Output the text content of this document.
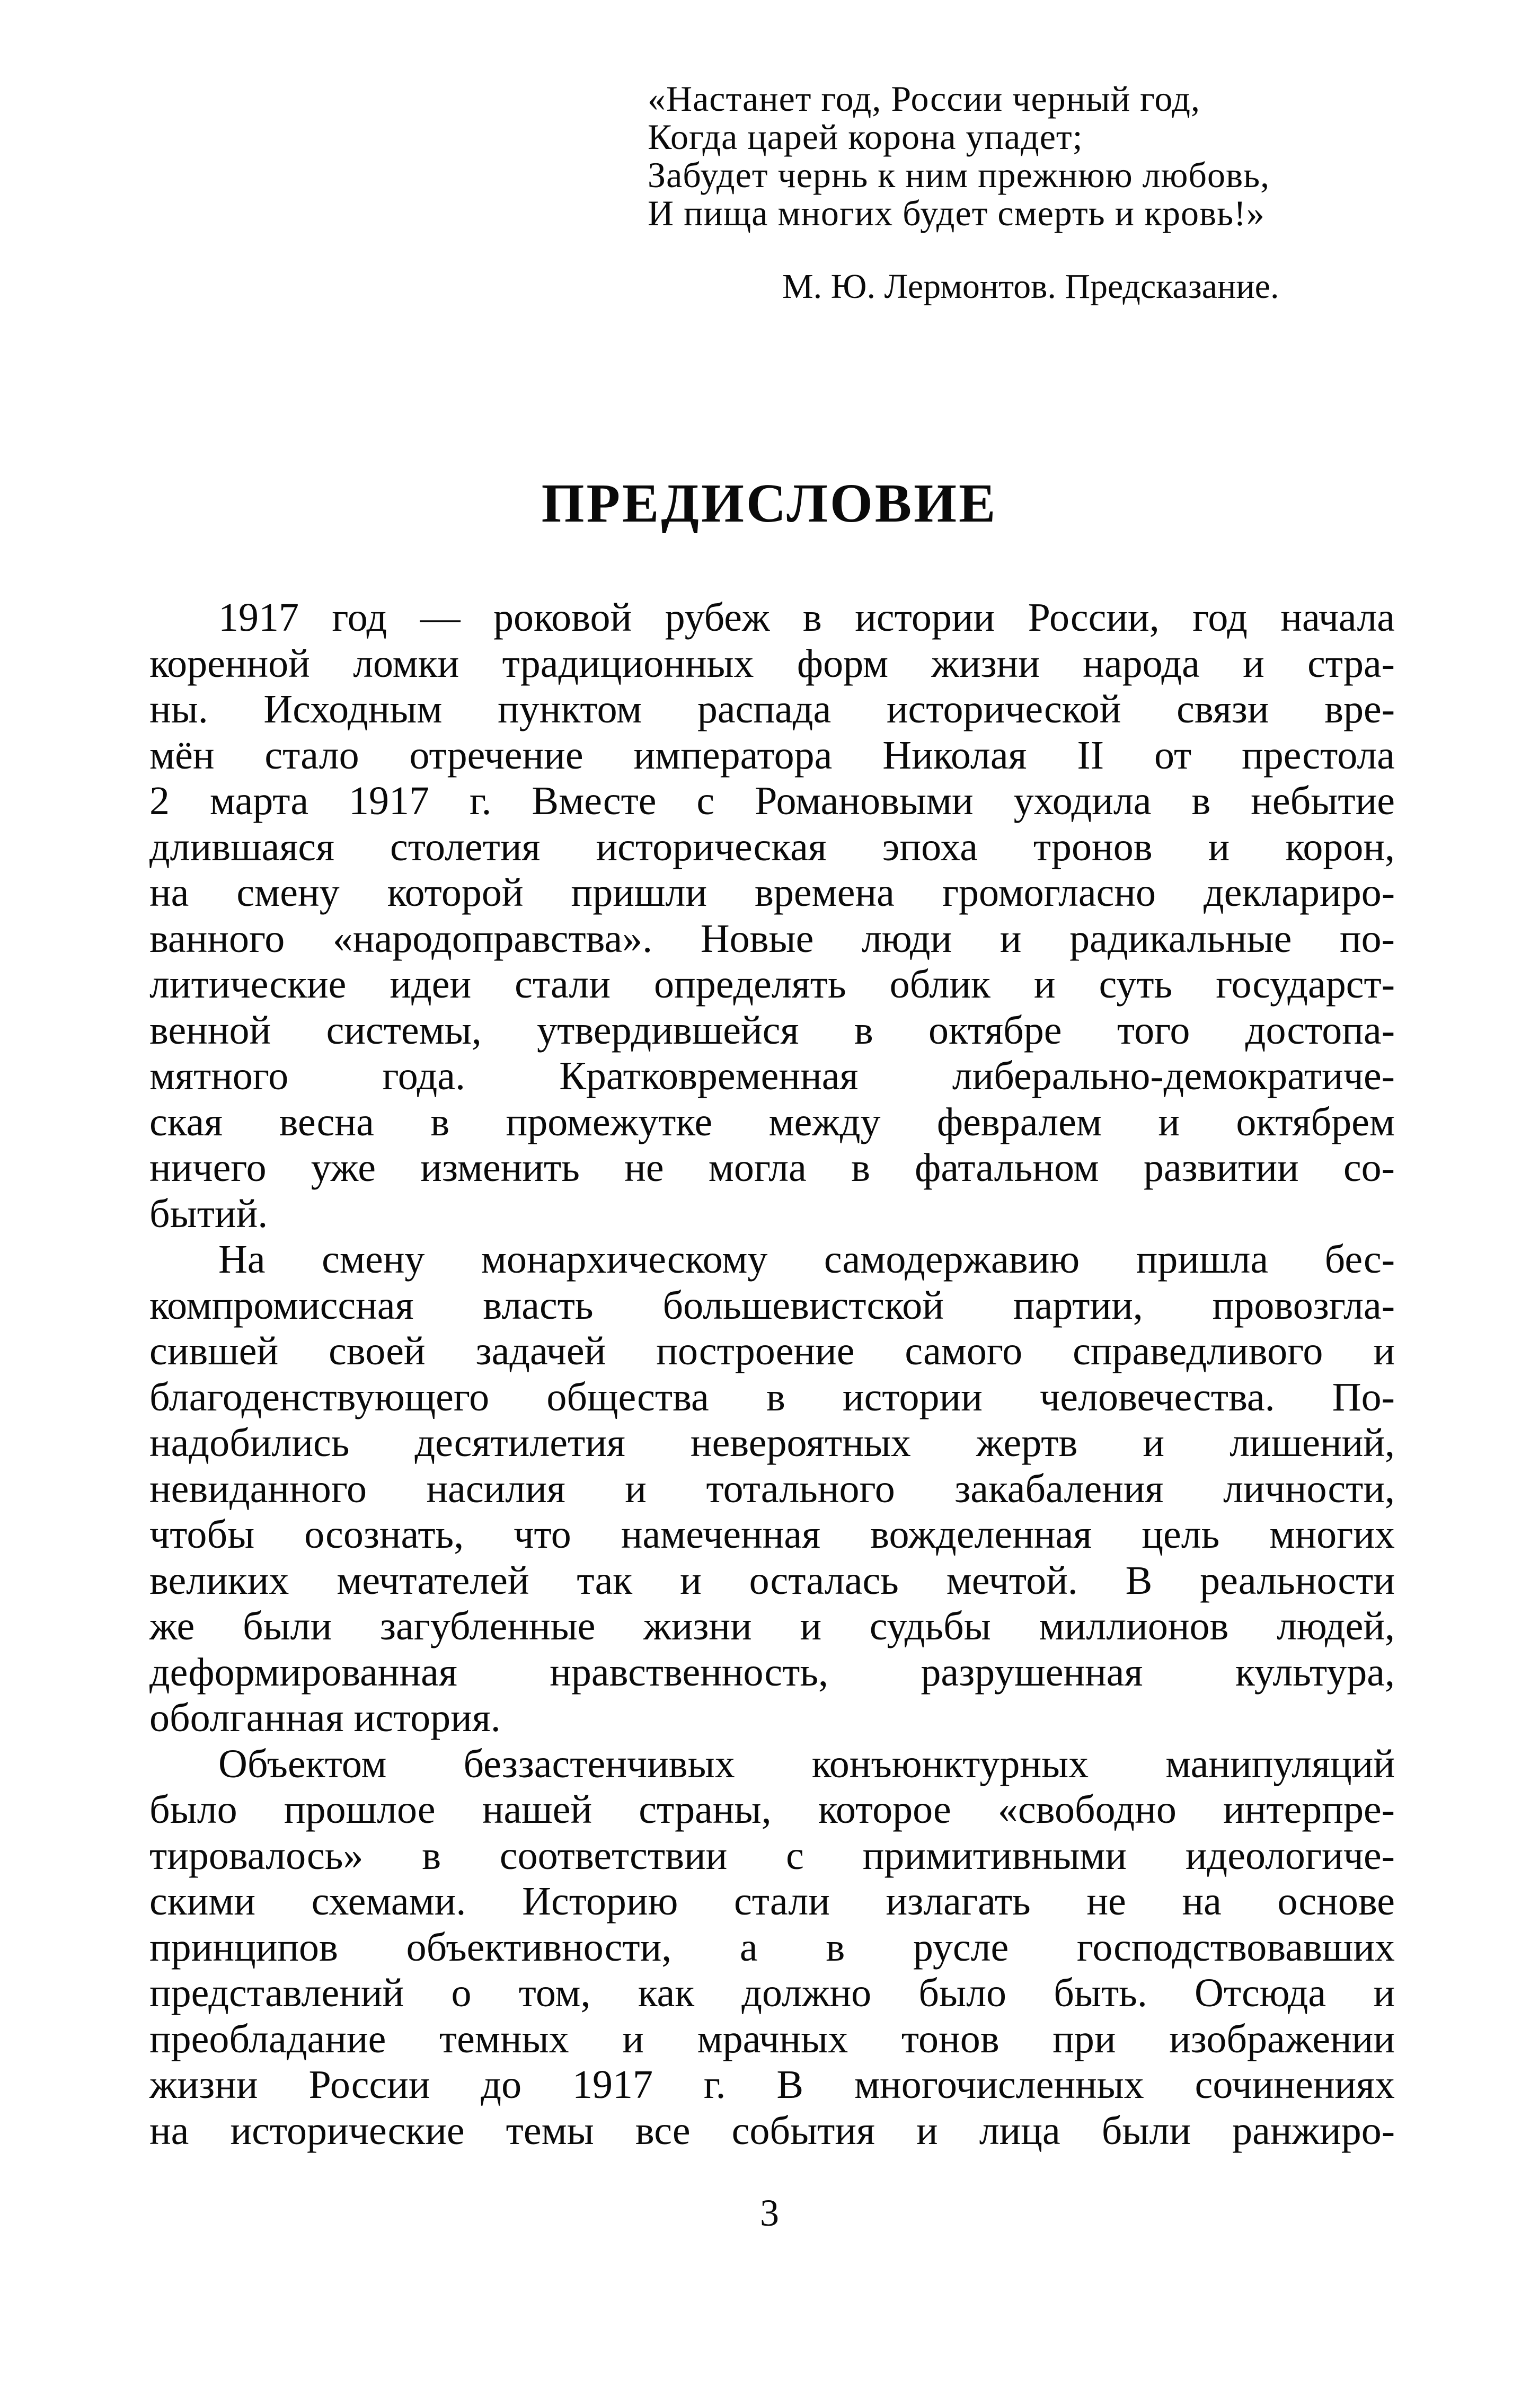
«Настанет год, России черный год,
Когда царей корона упадет;
Забудет чернь к ним прежнюю любовь,
И пища многих будет смерть и кровь!»
М. Ю. Лермонтов. Предсказание.
ПРЕДИСЛОВИЕ
1917 год — роковой рубеж в истории России, год начала
коренной ломки традиционных форм жизни народа и стра-
ны. Исходным пунктом распада исторической связи вре-
мён стало отречение императора Николая II от престола
2 марта 1917 г. Вместе с Романовыми уходила в небытие
длившаяся столетия историческая эпоха тронов и корон,
на смену которой пришли времена громогласно деклариро-
ванного «народоправства». Новые люди и радикальные по-
литические идеи стали определять облик и суть государст-
венной системы, утвердившейся в октябре того достопа-
мятного года. Кратковременная либерально-демократиче-
ская весна в промежутке между февралем и октябрем
ничего уже изменить не могла в фатальном развитии со-
бытий.
На смену монархическому самодержавию пришла бес-
компромиссная власть большевистской партии, провозгла-
сившей своей задачей построение самого справедливого и
благоденствующего общества в истории человечества. По-
надобились десятилетия невероятных жертв и лишений,
невиданного насилия и тотального закабаления личности,
чтобы осознать, что намеченная вожделенная цель многих
великих мечтателей так и осталась мечтой. В реальности
же были загубленные жизни и судьбы миллионов людей,
деформированная нравственность, разрушенная культура,
оболганная история.
Объектом беззастенчивых конъюнктурных манипуляций
было прошлое нашей страны, которое «свободно интерпре-
тировалось» в соответствии с примитивными идеологиче-
скими схемами. Историю стали излагать не на основе
принципов объективности, а в русле господствовавших
представлений о том, как должно было быть. Отсюда и
преобладание темных и мрачных тонов при изображении
жизни России до 1917 г. В многочисленных сочинениях
на исторические темы все события и лица были ранжиро-
3
